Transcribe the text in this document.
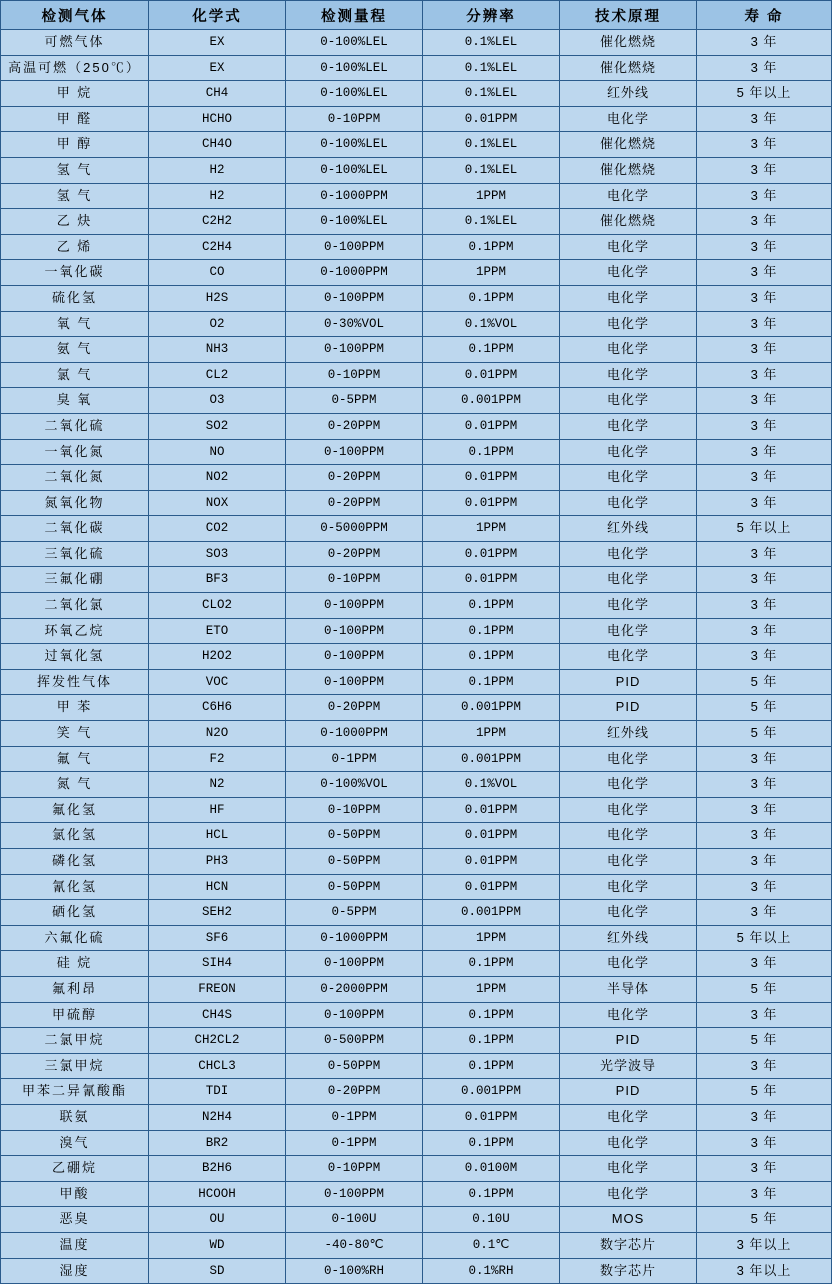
检测气体	化学式	检测量程	分辨率	技术原理	寿 命
可燃气体	EX	0-100%LEL	0.1%LEL	催化燃烧	3 年
高温可燃（250℃）	EX	0-100%LEL	0.1%LEL	催化燃烧	3 年
甲 烷	CH4	0-100%LEL	0.1%LEL	红外线	5 年以上
甲 醛	HCHO	0-10PPM	0.01PPM	电化学	3 年
甲 醇	CH4O	0-100%LEL	0.1%LEL	催化燃烧	3 年
氢 气	H2	0-100%LEL	0.1%LEL	催化燃烧	3 年
氢 气	H2	0-1000PPM	1PPM	电化学	3 年
乙 炔	C2H2	0-100%LEL	0.1%LEL	催化燃烧	3 年
乙 烯	C2H4	0-100PPM	0.1PPM	电化学	3 年
一氧化碳	CO	0-1000PPM	1PPM	电化学	3 年
硫化氢	H2S	0-100PPM	0.1PPM	电化学	3 年
氧 气	O2	0-30%VOL	0.1%VOL	电化学	3 年
氨 气	NH3	0-100PPM	0.1PPM	电化学	3 年
氯 气	CL2	0-10PPM	0.01PPM	电化学	3 年
臭 氧	O3	0-5PPM	0.001PPM	电化学	3 年
二氧化硫	SO2	0-20PPM	0.01PPM	电化学	3 年
一氧化氮	NO	0-100PPM	0.1PPM	电化学	3 年
二氧化氮	NO2	0-20PPM	0.01PPM	电化学	3 年
氮氧化物	NOX	0-20PPM	0.01PPM	电化学	3 年
二氧化碳	CO2	0-5000PPM	1PPM	红外线	5 年以上
三氧化硫	SO3	0-20PPM	0.01PPM	电化学	3 年
三氟化硼	BF3	0-10PPM	0.01PPM	电化学	3 年
二氧化氯	CLO2	0-100PPM	0.1PPM	电化学	3 年
环氧乙烷	ETO	0-100PPM	0.1PPM	电化学	3 年
过氧化氢	H2O2	0-100PPM	0.1PPM	电化学	3 年
挥发性气体	VOC	0-100PPM	0.1PPM	PID	5 年
甲 苯	C6H6	0-20PPM	0.001PPM	PID	5 年
笑 气	N2O	0-1000PPM	1PPM	红外线	5 年
氟 气	F2	0-1PPM	0.001PPM	电化学	3 年
氮 气	N2	0-100%VOL	0.1%VOL	电化学	3 年
氟化氢	HF	0-10PPM	0.01PPM	电化学	3 年
氯化氢	HCL	0-50PPM	0.01PPM	电化学	3 年
磷化氢	PH3	0-50PPM	0.01PPM	电化学	3 年
氰化氢	HCN	0-50PPM	0.01PPM	电化学	3 年
硒化氢	SEH2	0-5PPM	0.001PPM	电化学	3 年
六氟化硫	SF6	0-1000PPM	1PPM	红外线	5 年以上
硅 烷	SIH4	0-100PPM	0.1PPM	电化学	3 年
氟利昂	FREON	0-2000PPM	1PPM	半导体	5 年
甲硫醇	CH4S	0-100PPM	0.1PPM	电化学	3 年
二氯甲烷	CH2CL2	0-500PPM	0.1PPM	PID	5 年
三氯甲烷	CHCL3	0-50PPM	0.1PPM	光学波导	3 年
甲苯二异氰酸酯	TDI	0-20PPM	0.001PPM	PID	5 年
联氨	N2H4	0-1PPM	0.01PPM	电化学	3 年
溴气	BR2	0-1PPM	0.1PPM	电化学	3 年
乙硼烷	B2H6	0-10PPM	0.0100M	电化学	3 年
甲酸	HCOOH	0-100PPM	0.1PPM	电化学	3 年
恶臭	OU	0-100U	0.10U	MOS	5 年
温度	WD	-40-80℃	0.1℃	数字芯片	3 年以上
湿度	SD	0-100%RH	0.1%RH	数字芯片	3 年以上
